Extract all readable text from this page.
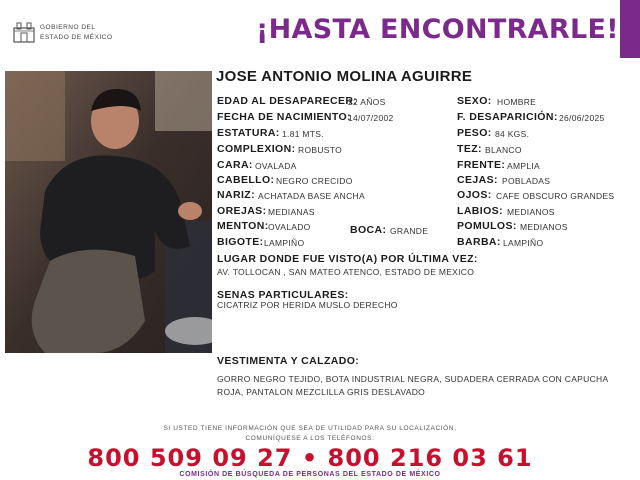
GOBIERNO DEL
ESTADO DE MÉXICO	¡HASTA ENCONTRARLE!
JOSE ANTONIO MOLINA AGUIRRE
EDAD AL DESAPARECER:
22 AÑOS
FECHA DE NACIMIENTO:
14/07/2002
ESTATURA: 1.81 MTS.
COMPLEXION: ROBUSTO
CARA: OVALADA
CABELLO: NEGRO CRECIDO
NARIZ: ACHATADA BASE ANCHA
OREJAS: MEDIANAS
MENTON: OVALADO	BOCA: GRANDE
BIGOTE: LAMPIÑO
SEXO: HOMBRE
F. DESAPARICIÓN: 26/06/2025
PESO: 84 KGS.
TEZ: BLANCO
FRENTE: AMPLIA
CEJAS: POBLADAS
OJOS: CAFE OBSCURO GRANDES
LABIOS: MEDIANOS
POMULOS: MEDIANOS
BARBA: LAMPIÑO
LUGAR DONDE FUE VISTO(A) POR ÚLTIMA VEZ:
AV. TOLLOCAN , SAN MATEO ATENCO, ESTADO DE MEXICO
SENAS PARTICULARES:
CICATRIZ POR HERIDA MUSLO DERECHO
VESTIMENTA Y CALZADO:
GORRO NEGRO TEJIDO, BOTA INDUSTRIAL NEGRA, SUDADERA CERRADA CON CAPUCHA ROJA, PANTALON MEZCLILLA GRIS DESLAVADO
SI USTED TIENE INFORMACIÓN QUE SEA DE UTILIDAD PARA SU LOCALIZACIÓN,
COMUNÍQUESE A LOS TELÉFONOS:
800 509 09 27 • 800 216 03 61
COMISIÓN DE BÚSQUEDA DE PERSONAS DEL ESTADO DE MÉXICO
